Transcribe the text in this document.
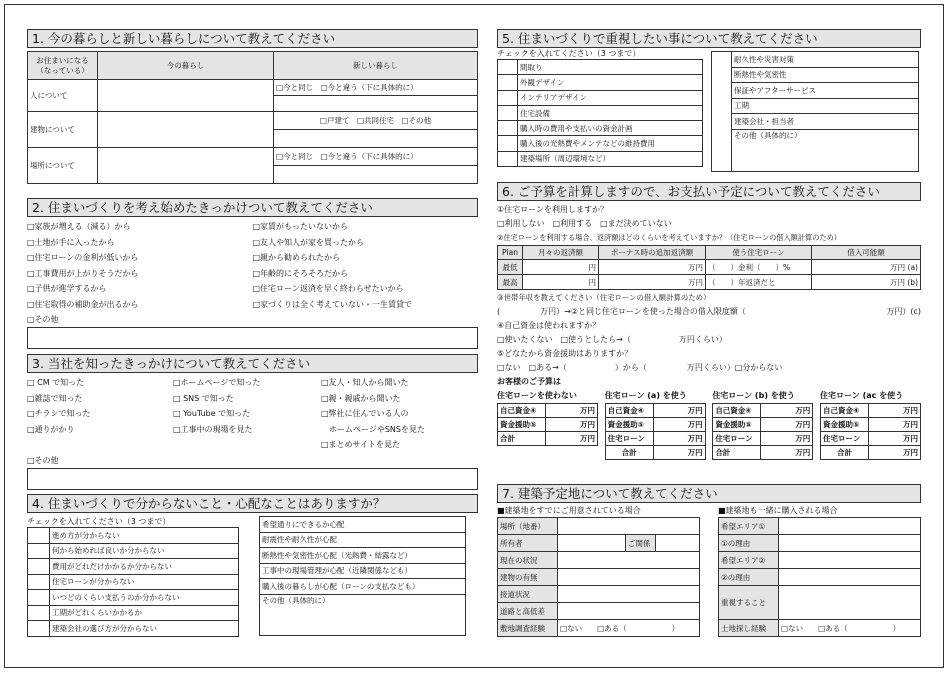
1. 今の暮らしと新しい暮らしについて教えてください
お住まいになる（なっている）	今の暮らし	新しい暮らし
人について		□今と同じ　□今と違う（下に具体的に）

建物について		□戸建て　□共同住宅　□その他

場所について		□今と同じ　□今と違う（下に具体的に）

2. 住まいづくりを考え始めたきっかけついて教えてください
□家族が増える（減る）から
□土地が手に入ったから
□住宅ローンの金利が低いから
□工事費用が上がりそうだから
□子供が進学するから
□住宅取得の補助金が出るから
□家賃がもったいないから
□友人や知人が家を買ったから
□親から勧められたから
□年齢的にそろそろだから
□住宅ローン返済を早く終わらせたいから
□家づくりは全く考えていない・一生賃貸で
□その他
3. 当社を知ったきっかけについて教えてください
□ CM で知った
□雑誌で知った
□チラシで知った
□通りがかり
□ホームページで知った
□ SNS で知った
□ YouTube で知った
□工事中の現場を見た
□友人・知人から聞いた
□親・親戚から聞いた
□弊社に住んでいる人の
　ホームページやSNSを見た
□まとめサイトを見た
□その他
4. 住まいづくりで分からないこと・心配なことはありますか？
チェックを入れてください（3 つまで）
	進め方が分からない
	何から始めれば良いか分からない
	費用がどれだけかかるか分からない
	住宅ローンが分からない
	いつどのくらい支払うのか分からない
	工期がどれくらいかかるか
	建築会社の選び方が分からない
希望通りにできるか心配
耐震性や耐久性が心配
断熱性や気密性が心配（光熱費・結露など）
工事中の現場管理が心配（近隣関係なども）
購入後の暮らしが心配（ローンの支払なども）
その他（具体的に）
5. 住まいづくりで重視したい事について教えてください
チェックを入れてください（3 つまで）
	間取り
	外観デザイン
	インテリアデザイン
	住宅設備
	購入時の費用や支払いの資金計画
	購入後の光熱費やメンテなどの維持費用
	建築場所（周辺環境など）
	耐久性や災害対策
断熱性や気密性
保証やアフターサービス
工期
建築会社・担当者
その他（具体的に）
6. ご予算を計算しますので、お支払い予定について教えてください
①住宅ローンを利用しますか？
□利用しない　□利用する　□まだ決めていない
②住宅ローンを利用する場合、返済額はどのくらいを考えていますか？（住宅ローンの借入額計算のため）
Plan	月々の返済額	ボーナス時の追加返済額	使う住宅ローン	借入可能額
最低	円	万円	（　　）金利（　　）%	万円 (a)
最高	円	万円	（　　）年返済だと	万円 (b)
③世帯年収を教えてください（住宅ローンの借入額計算のため）
(　　　　　万円）→②と同じ住宅ローンを使った場合の借入限度額（	万円）(c)
④自己資金は使われますか？
□使いたくない　□使うとしたら→（　　　　　　万円くらい）
⑤どなたから資金援助はありますか？
□ない　□ある→（　　　　　　）から（　　　　　万円くらい）□分からない
お客様のご予算は
住宅ローンを使わない
自己資金④	万円
資金援助⑤	万円
合計	万円
住宅ローン (a) を使う
自己資金④	万円
資金援助⑤	万円
住宅ローン	万円
合計	万円
住宅ローン (b) を使う
自己資金④	万円
資金援助⑤	万円
住宅ローン	万円
合計	万円
住宅ローン (ac を使う
自己資金④	万円
資金援助⑤	万円
住宅ローン	万円
合計	万円
7. 建築予定地について教えてください
■建築地をすでにご用意されている場合
場所（地番）			
所有者		ご関係	
現在の状況			
建物の有無			
接道状況			
道路と高低差			
敷地調査経験	□ない　　□ある（　　　　　　）		
■建築地も一緒に購入される場合
希望エリア①	
①の理由	
希望エリア②	
②の理由	
重視すること	
土地探し経験	□ない　　□ある（　　　　　　）
